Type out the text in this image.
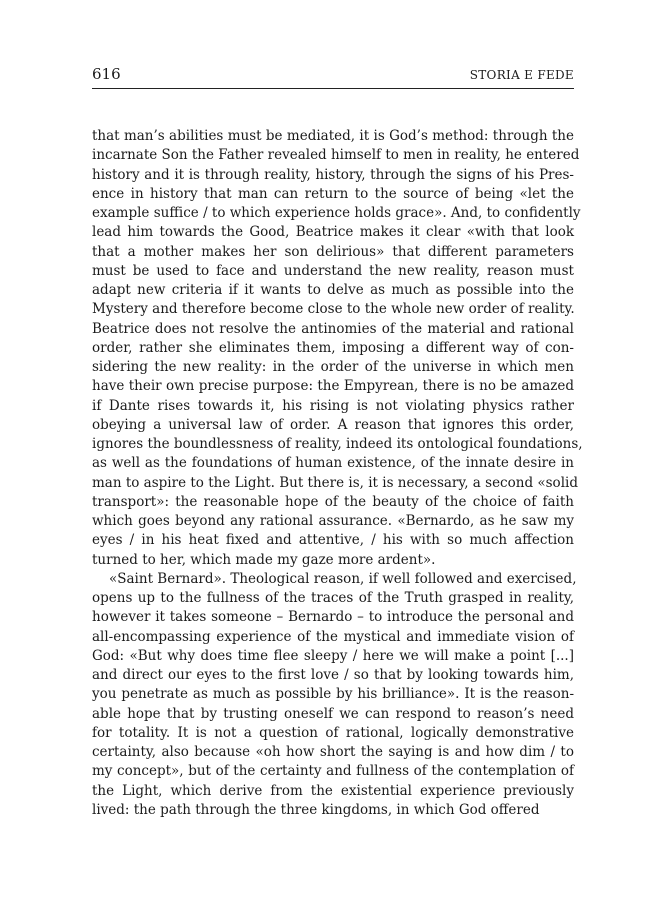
616	STORIA E FEDE
that man’s abilities must be mediated, it is God’s method: through the
incarnate Son the Father revealed himself to men in reality, he entered
history and it is through reality, history, through the signs of his Pres-
ence in history that man can return to the source of being «let the
example suffice / to which experience holds grace». And, to confidently
lead him towards the Good, Beatrice makes it clear «with that look
that a mother makes her son delirious» that different parameters
must be used to face and understand the new reality, reason must
adapt new criteria if it wants to delve as much as possible into the
Mystery and therefore become close to the whole new order of reality.
Beatrice does not resolve the antinomies of the material and rational
order, rather she eliminates them, imposing a different way of con-
sidering the new reality: in the order of the universe in which men
have their own precise purpose: the Empyrean, there is no be amazed
if Dante rises towards it, his rising is not violating physics rather
obeying a universal law of order. A reason that ignores this order,
ignores the boundlessness of reality, indeed its ontological foundations,
as well as the foundations of human existence, of the innate desire in
man to aspire to the Light. But there is, it is necessary, a second «solid
transport»: the reasonable hope of the beauty of the choice of faith
which goes beyond any rational assurance. «Bernardo, as he saw my
eyes / in his heat fixed and attentive, / his with so much affection
turned to her, which made my gaze more ardent».
«Saint Bernard». Theological reason, if well followed and exercised,
opens up to the fullness of the traces of the Truth grasped in reality,
however it takes someone – Bernardo – to introduce the personal and
all-encompassing experience of the mystical and immediate vision of
God: «But why does time flee sleepy / here we will make a point [...]
and direct our eyes to the first love / so that by looking towards him,
you penetrate as much as possible by his brilliance». It is the reason-
able hope that by trusting oneself we can respond to reason’s need
for totality. It is not a question of rational, logically demonstrative
certainty, also because «oh how short the saying is and how dim / to
my concept», but of the certainty and fullness of the contemplation of
the Light, which derive from the existential experience previously
lived: the path through the three kingdoms, in which God offered
